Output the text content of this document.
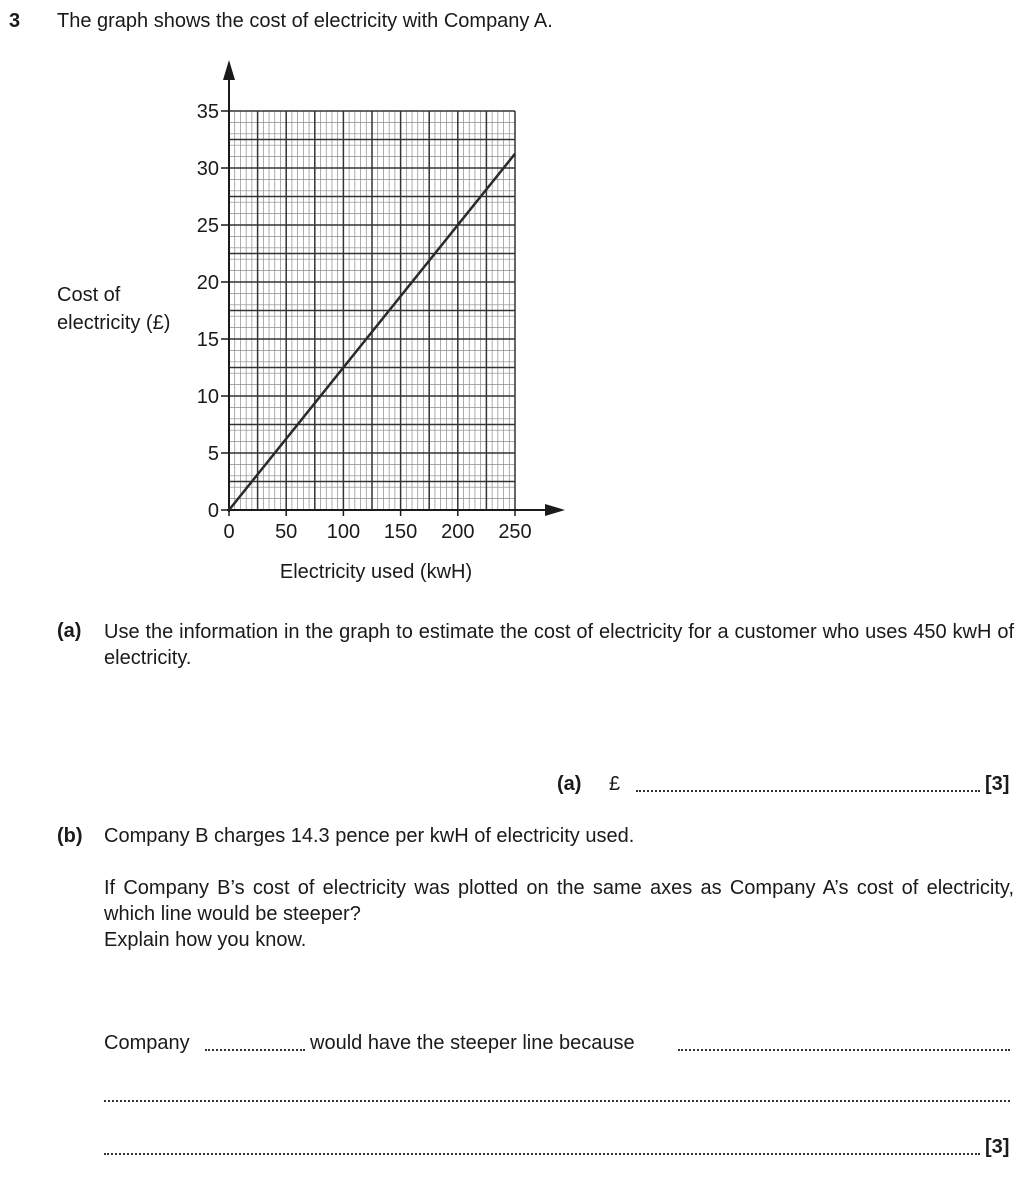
3 The graph shows the cost of electricity with Company A.
Cost of
electricity (£)
0
5
10
15
20
25
30
35
0 50 100 150 200 250
Electricity used (kwH)
(a) Use the information in the graph to estimate the cost of electricity for a customer who uses 450 kwH of electricity.
(a) £	[3]
(b) Company B charges 14.3 pence per kwH of electricity used.
If Company B’s cost of electricity was plotted on the same axes as Company A’s cost of electricity, which line would be steeper?
Explain how you know.
Company	would have the steeper line because
[3]
